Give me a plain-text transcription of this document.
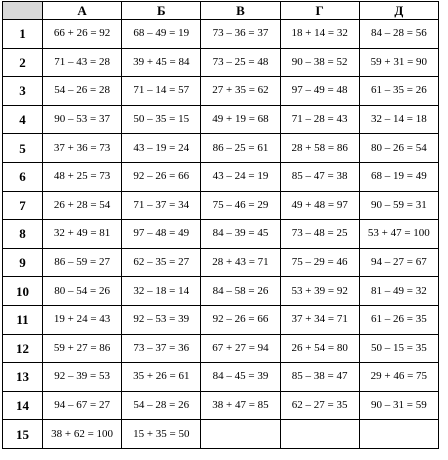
	А	Б	В	Г	Д
1	66 + 26 = 92	68 – 49 = 19	73 – 36 = 37	18 + 14 = 32	84 – 28 = 56
2	71 – 43 = 28	39 + 45 = 84	73 – 25 = 48	90 – 38 = 52	59 + 31 = 90
3	54 – 26 = 28	71 – 14 = 57	27 + 35 = 62	97 – 49 = 48	61 – 35 = 26
4	90 – 53 = 37	50 – 35 = 15	49 + 19 = 68	71 – 28 = 43	32 – 14 = 18
5	37 + 36 = 73	43 – 19 = 24	86 – 25 = 61	28 + 58 = 86	80 – 26 = 54
6	48 + 25 = 73	92 – 26 = 66	43 – 24 = 19	85 – 47 = 38	68 – 19 = 49
7	26 + 28 = 54	71 – 37 = 34	75 – 46 = 29	49 + 48 = 97	90 – 59 = 31
8	32 + 49 = 81	97 – 48 = 49	84 – 39 = 45	73 – 48 = 25	53 + 47 = 100
9	86 – 59 = 27	62 – 35 = 27	28 + 43 = 71	75 – 29 = 46	94 – 27 = 67
10	80 – 54 = 26	32 – 18 = 14	84 – 58 = 26	53 + 39 = 92	81 – 49 = 32
11	19 + 24 = 43	92 – 53 = 39	92 – 26 = 66	37 + 34 = 71	61 – 26 = 35
12	59 + 27 = 86	73 – 37 = 36	67 + 27 = 94	26 + 54 = 80	50 – 15 = 35
13	92 – 39 = 53	35 + 26 = 61	84 – 45 = 39	85 – 38 = 47	29 + 46 = 75
14	94 – 67 = 27	54 – 28 = 26	38 + 47 = 85	62 – 27 = 35	90 – 31 = 59
15	38 + 62 = 100	15 + 35 = 50			
